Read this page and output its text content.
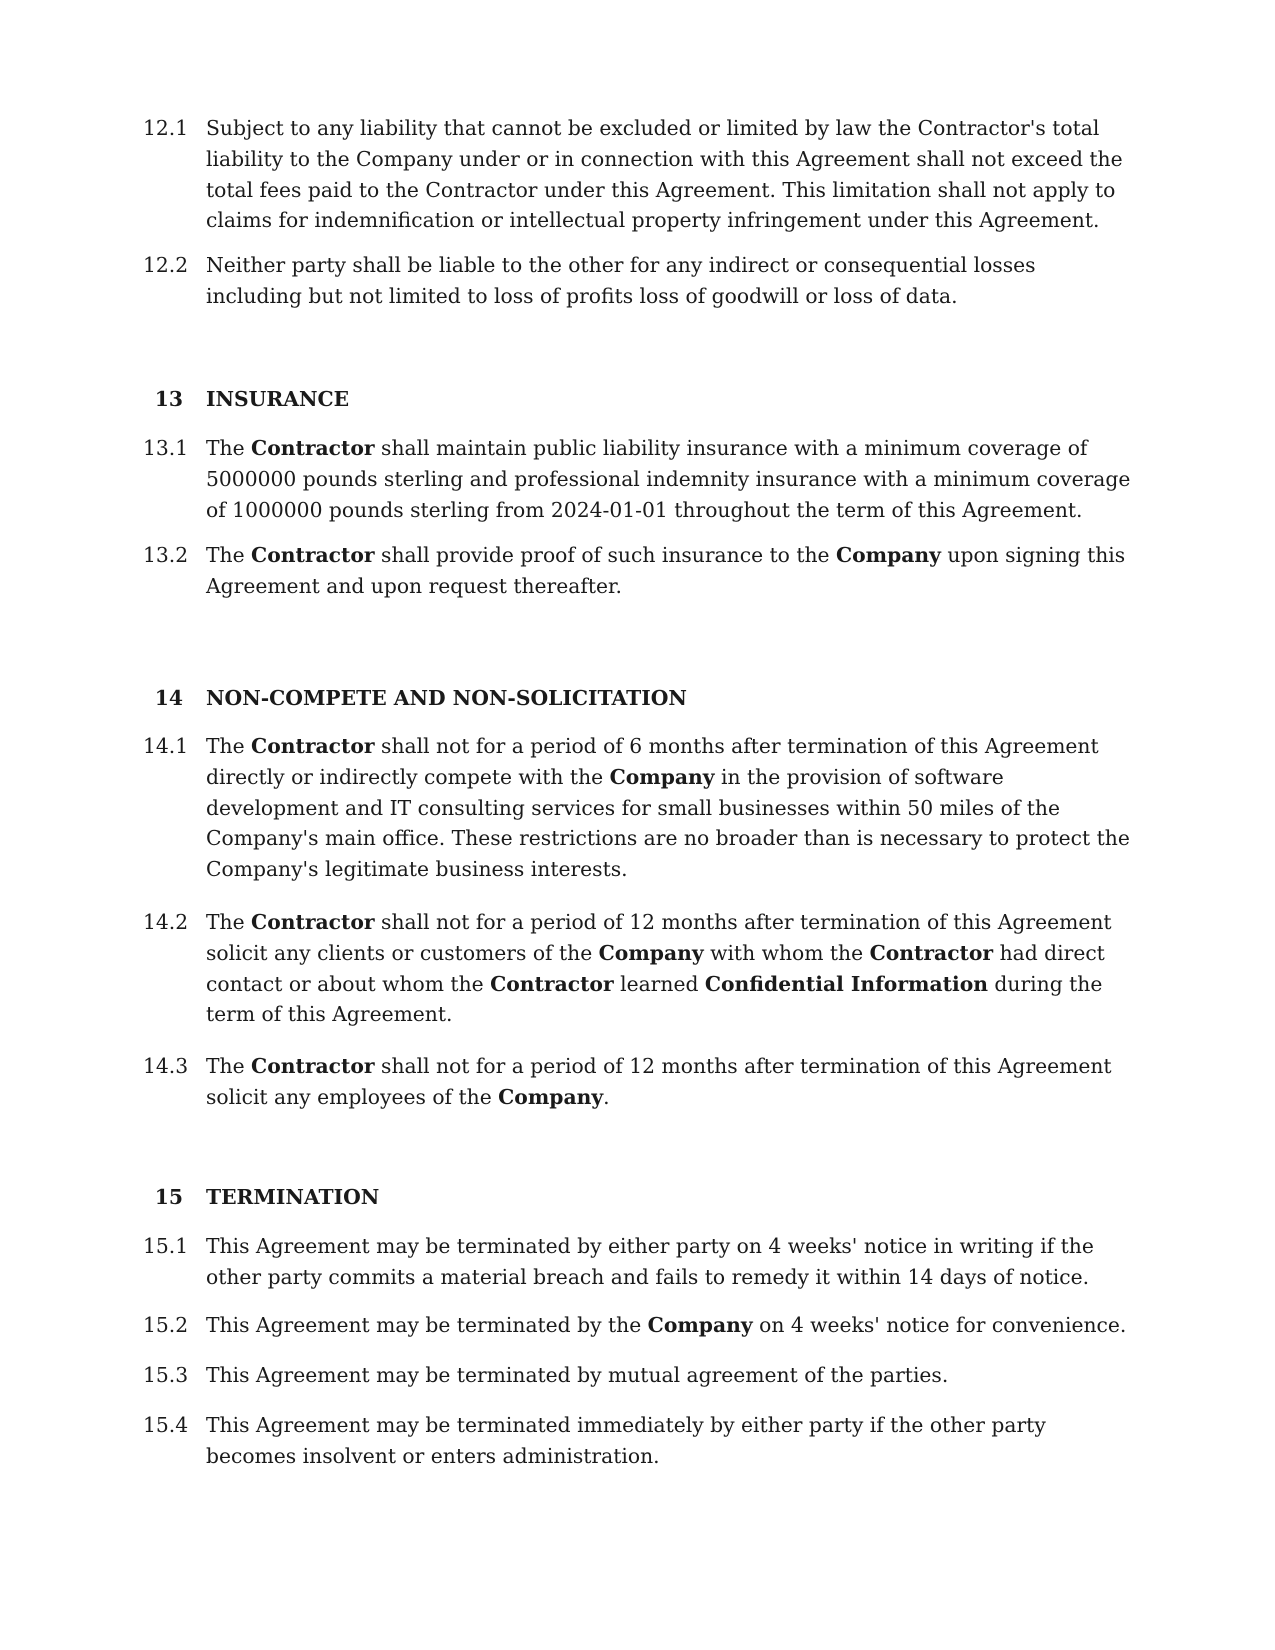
12.1 Subject to any liability that cannot be excluded or limited by law the Contractor's total liability to the Company under or in connection with this Agreement shall not exceed the total fees paid to the Contractor under this Agreement. This limitation shall not apply to claims for indemnification or intellectual property infringement under this Agreement.
12.2 Neither party shall be liable to the other for any indirect or consequential losses including but not limited to loss of profits loss of goodwill or loss of data.
13 INSURANCE
13.1 The Contractor shall maintain public liability insurance with a minimum coverage of 5000000 pounds sterling and professional indemnity insurance with a minimum coverage of 1000000 pounds sterling from 2024-01-01 throughout the term of this Agreement.
13.2 The Contractor shall provide proof of such insurance to the Company upon signing this Agreement and upon request thereafter.
14 NON-COMPETE AND NON-SOLICITATION
14.1 The Contractor shall not for a period of 6 months after termination of this Agreement directly or indirectly compete with the Company in the provision of software development and IT consulting services for small businesses within 50 miles of the Company's main office. These restrictions are no broader than is necessary to protect the Company's legitimate business interests.
14.2 The Contractor shall not for a period of 12 months after termination of this Agreement solicit any clients or customers of the Company with whom the Contractor had direct contact or about whom the Contractor learned Confidential Information during the term of this Agreement.
14.3 The Contractor shall not for a period of 12 months after termination of this Agreement solicit any employees of the Company.
15 TERMINATION
15.1 This Agreement may be terminated by either party on 4 weeks' notice in writing if the other party commits a material breach and fails to remedy it within 14 days of notice.
15.2 This Agreement may be terminated by the Company on 4 weeks' notice for convenience.
15.3 This Agreement may be terminated by mutual agreement of the parties.
15.4 This Agreement may be terminated immediately by either party if the other party becomes insolvent or enters administration.
